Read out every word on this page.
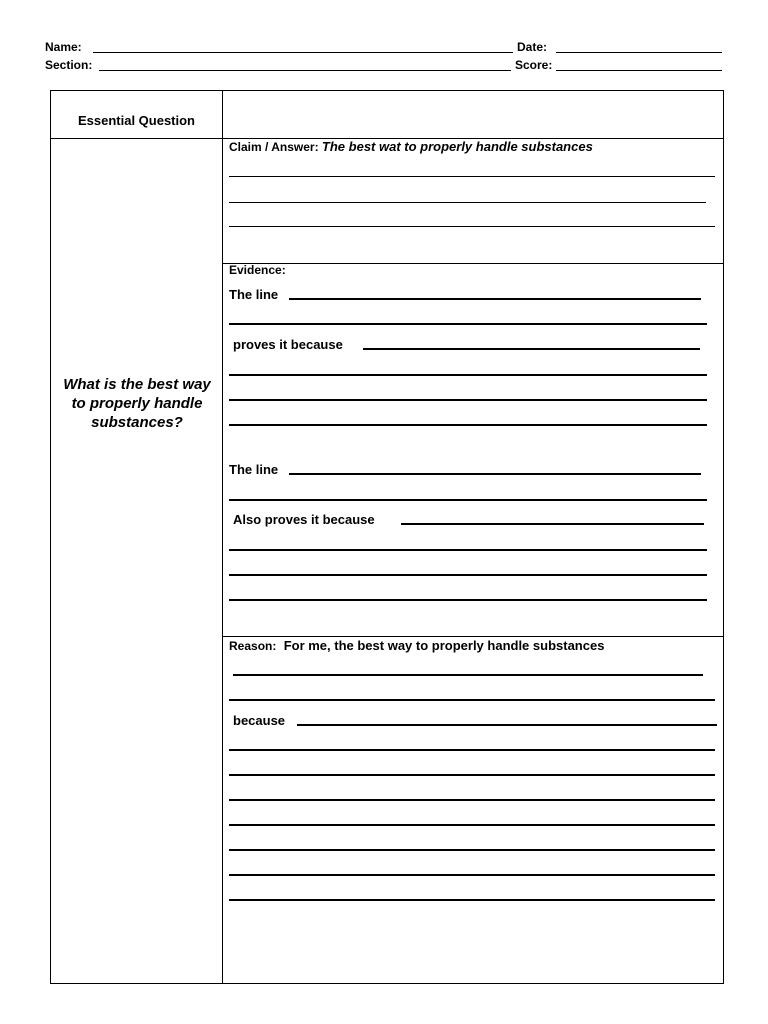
Name:	Date:
Section:	Score:
Essential Question
What is the best way to properly handle substances?
Claim / Answer: The best wat to properly handle substances
Evidence:
The line
proves it because
The line
Also proves it because
Reason: For me, the best way to properly handle substances
because
